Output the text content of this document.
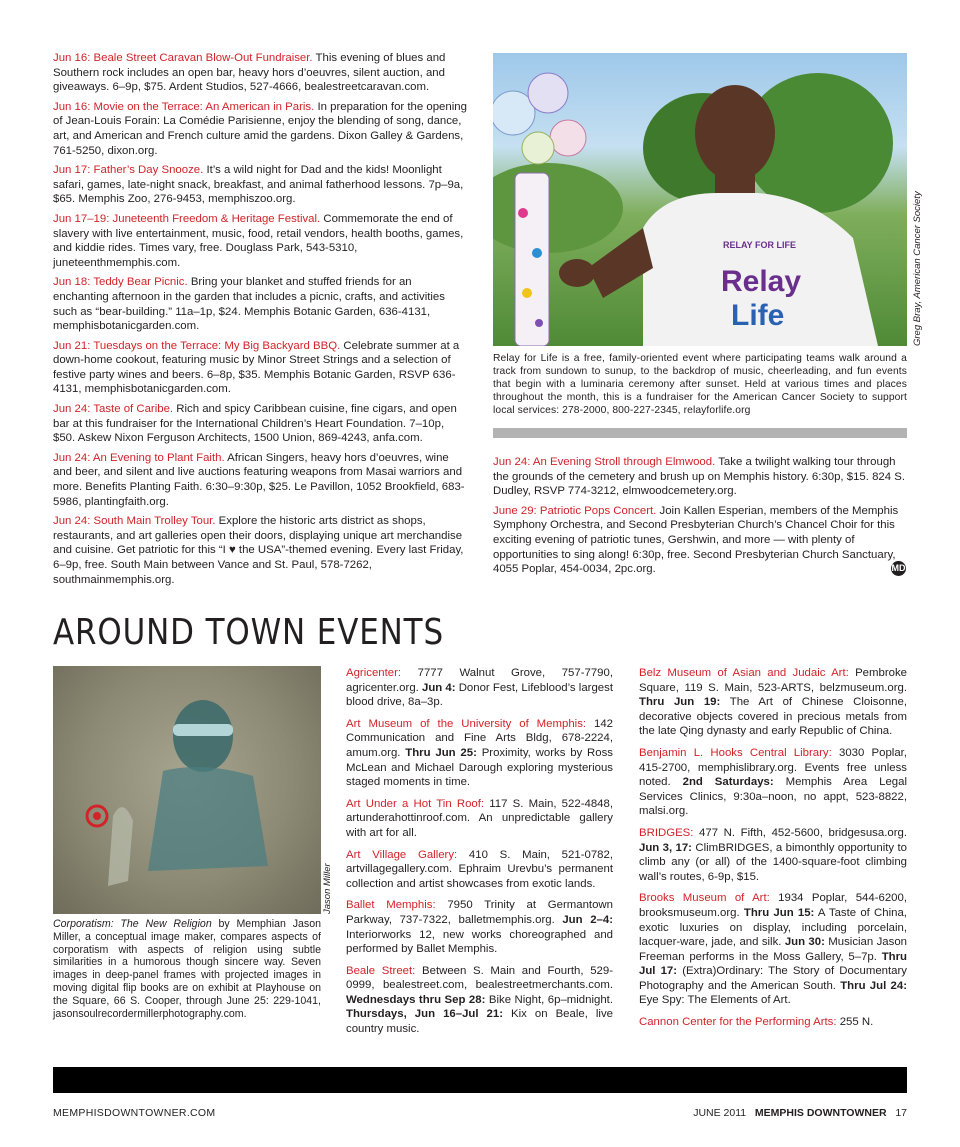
Jun 16: Beale Street Caravan Blow-Out Fundraiser. This evening of blues and Southern rock includes an open bar, heavy hors d’oeuvres, silent auction, and giveaways. 6–9p, $75. Ardent Studios, 527-4666, bealestreetcaravan.com.

Jun 16: Movie on the Terrace: An American in Paris. In preparation for the opening of Jean-Louis Forain: La Comédie Parisienne, enjoy the blending of song, dance, art, and American and French culture amid the gardens. Dixon Galley & Gardens, 761-5250, dixon.org.

Jun 17: Father’s Day Snooze. It’s a wild night for Dad and the kids! Moonlight safari, games, late-night snack, breakfast, and animal fatherhood lessons. 7p–9a, $65. Memphis Zoo, 276-9453, memphiszoo.org.

Jun 17–19: Juneteenth Freedom & Heritage Festival. Commemorate the end of slavery with live entertainment, music, food, retail vendors, health booths, games, and kiddie rides. Times vary, free. Douglass Park, 543-5310, juneteenthmemphis.com.

Jun 18: Teddy Bear Picnic. Bring your blanket and stuffed friends for an enchanting afternoon in the garden that includes a picnic, crafts, and activities such as “bear-building.” 11a–1p, $24. Memphis Botanic Garden, 636-4131, memphisbotanicgarden.com.

Jun 21: Tuesdays on the Terrace: My Big Backyard BBQ. Celebrate summer at a down-home cookout, featuring music by Minor Street Strings and a selection of festive party wines and beers. 6–8p, $35. Memphis Botanic Garden, RSVP 636-4131, memphisbotanicgarden.com.

Jun 24: Taste of Caribe. Rich and spicy Caribbean cuisine, fine cigars, and open bar at this fundraiser for the International Children’s Heart Foundation. 7–10p, $50. Askew Nixon Ferguson Architects, 1500 Union, 869-4243, anfa.com.

Jun 24: An Evening to Plant Faith. African Singers, heavy hors d’oeuvres, wine and beer, and silent and live auctions featuring weapons from Masai warriors and more. Benefits Planting Faith. 6:30–9:30p, $25. Le Pavillon, 1052 Brookfield, 683-5986, plantingfaith.org.

Jun 24: South Main Trolley Tour. Explore the historic arts district as shops, restaurants, and art galleries open their doors, displaying unique art merchandise and cuisine. Get patriotic for this “I ♥ the USA”-themed evening. Every last Friday, 6–9p, free. South Main between Vance and St. Paul, 578-7262, southmainmemphis.org.

RELAY FOR LIFE
Relay
Life	Greg Bray, American Cancer Society
Relay for Life is a free, family-oriented event where participating teams walk around a track from sundown to sunup, to the backdrop of music, cheerleading, and fun events that begin with a luminaria ceremony after sunset. Held at various times and places throughout the month, this is a fundraiser for the American Cancer Society to support local services: 278-2000, 800-227-2345, relayforlife.org

Jun 24: An Evening Stroll through Elmwood. Take a twilight walking tour through the grounds of the cemetery and brush up on Memphis history. 6:30p, $15. 824 S. Dudley, RSVP 774-3212, elmwoodcemetery.org.

June 29: Patriotic Pops Concert. Join Kallen Esperian, members of the Memphis Symphony Orchestra, and Second Presbyterian Church’s Chancel Choir for this exciting evening of patriotic tunes, Gershwin, and more — with plenty of opportunities to sing along! 6:30p, free. Second Presbyterian Church Sanctuary, 4055 Poplar, 454-0034, 2pc.org.	MD
AROUND TOWN EVENTS
Jason Miller
Corporatism: The New Religion by Memphian Jason Miller, a conceptual image maker, compares aspects of corporatism with aspects of religion using subtle similarities in a humorous though sincere way. Seven images in deep-panel frames with projected images in moving digital flip books are on exhibit at Playhouse on the Square, 66 S. Cooper, through June 25: 229-1041, jasonsoulrecordermillerphotography.com.

Agricenter: 7777 Walnut Grove, 757-7790, agricenter.org. Jun 4: Donor Fest, Lifeblood’s largest blood drive, 8a–3p.

Art Museum of the University of Memphis: 142 Communication and Fine Arts Bldg, 678-2224, amum.org. Thru Jun 25: Proximity, works by Ross McLean and Michael Darough exploring mysterious staged moments in time.

Art Under a Hot Tin Roof: 117 S. Main, 522-4848, artunderahottinroof.com. An unpredictable gallery with art for all.

Art Village Gallery: 410 S. Main, 521-0782, artvillagegallery.com. Ephraim Urevbu’s permanent collection and artist showcases from exotic lands.

Ballet Memphis: 7950 Trinity at Germantown Parkway, 737-7322, balletmemphis.org. Jun 2–4: Interiorworks 12, new works choreographed and performed by Ballet Memphis.

Beale Street: Between S. Main and Fourth, 529-0999, bealestreet.com, bealestreetmerchants.com. Wednesdays thru Sep 28: Bike Night, 6p–midnight. Thursdays, Jun 16–Jul 21: Kix on Beale, live country music.

Belz Museum of Asian and Judaic Art: Pembroke Square, 119 S. Main, 523-ARTS, belzmuseum.org. Thru Jun 19: The Art of Chinese Cloisonne, decorative objects covered in precious metals from the late Qing dynasty and early Republic of China.

Benjamin L. Hooks Central Library: 3030 Poplar, 415-2700, memphislibrary.org. Events free unless noted. 2nd Saturdays: Memphis Area Legal Services Clinics, 9:30a–noon, no appt, 523-8822, malsi.org.

BRIDGES: 477 N. Fifth, 452-5600, bridgesusa.org. Jun 3, 17: ClimBRIDGES, a bimonthly opportunity to climb any (or all) of the 1400-square-foot climbing wall’s routes, 6-9p, $15.

Brooks Museum of Art: 1934 Poplar, 544-6200, brooksmuseum.org. Thru Jun 15: A Taste of China, exotic luxuries on display, including porcelain, lacquer-ware, jade, and silk. Jun 30: Musician Jason Freeman performs in the Moss Gallery, 5–7p. Thru Jul 17: (Extra)Ordinary: The Story of Documentary Photography and the American South. Thru Jul 24: Eye Spy: The Elements of Art.

Cannon Center for the Performing Arts: 255 N.

MEMPHISDOWNTOWNER.COM	JUNE 2011 MEMPHIS DOWNTOWNER 17
